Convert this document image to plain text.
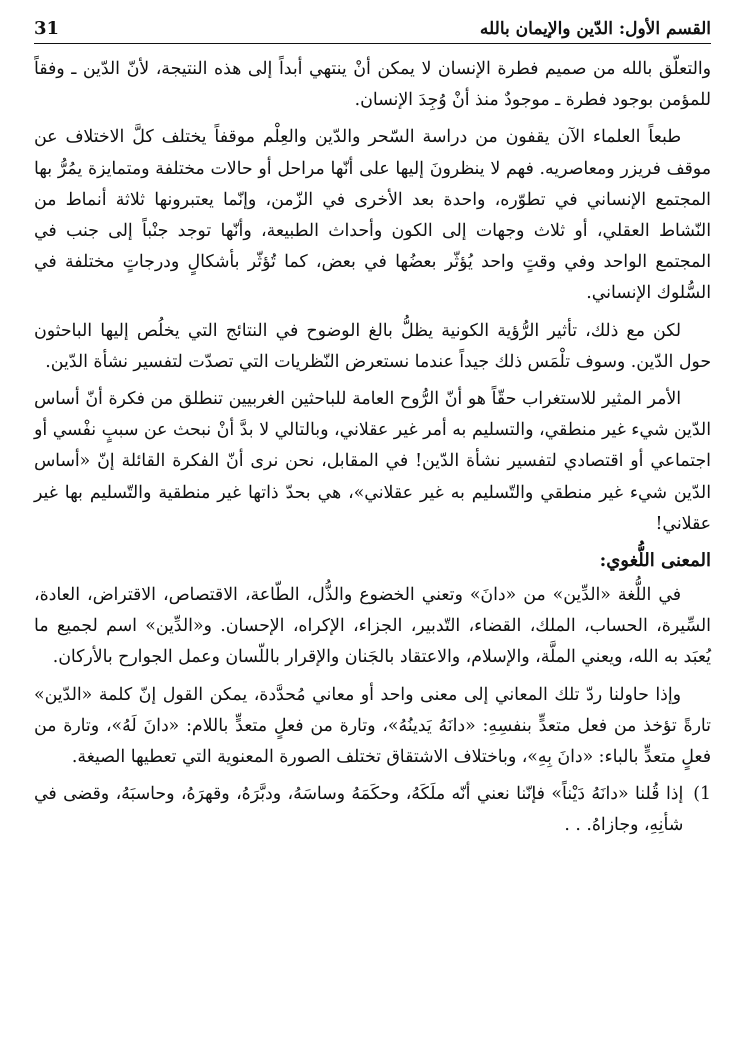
القسم الأول: الدّين والإيمان بالله
31

والتعلّق بالله من صميم فطرة الإنسان لا يمكن أنْ ينتهي أبداً إلى هذه النتيجة، لأنّ الدّين ـ وفقاً للمؤمن بوجود فطرة ـ موجودٌ منذ أنْ وُجِدَ الإنسان.

طبعاً العلماء الآن يقفون من دراسة السّحر والدّين والعِلْم موقفاً يختلف كلَّ الاختلاف عن موقف فريزر ومعاصريه. فهم لا ينظرونَ إليها على أنّها مراحل أو حالات مختلفة ومتمايزة يمُرُّ بها المجتمع الإنساني في تطوّره، واحدة بعد الأخرى في الزّمن، وإنّما يعتبرونها ثلاثة أنماط من النّشاط العقلي، أو ثلاث وجهات إلى الكون وأحداث الطبيعة، وأنّها توجد جنْباً إلى جنب في المجتمع الواحد وفي وقتٍ واحد يُؤثّر بعضُها في بعض، كما تُؤثّر بأشكالٍ ودرجاتٍ مختلفة في السُّلوك الإنساني.

لكن مع ذلك، تأثير الرُّؤية الكونية يظلُّ بالغ الوضوح في النتائج التي يخلُص إليها الباحثون حول الدّين. وسوف تلْمَس ذلك جيداً عندما نستعرض النّظريات التي تصدّت لتفسير نشأة الدّين.

الأمر المثير للاستغراب حقّاً هو أنّ الرُّوح العامة للباحثين الغربيين تنطلق من فكرة أنّ أساس الدّين شيء غير منطقي، والتسليم به أمر غير عقلاني، وبالتالي لا بدَّ أنْ نبحث عن سببٍ نفْسي أو اجتماعي أو اقتصادي لتفسير نشأة الدّين! في المقابل، نحن نرى أنّ الفكرة القائلة إنّ «أساس الدّين شيء غير منطقي والتّسليم به غير عقلاني»، هي بحدّ ذاتها غير منطقية والتّسليم بها غير عقلاني!

المعنى اللُّغوي:

في اللُّغة «الدِّين» من «دانَ» وتعني الخضوع والذُّل، الطّاعة، الاقتصاص، الاقتراض، العادة، السِّيرة، الحساب، الملك، القضاء، التّدبير، الجزاء، الإكراه، الإحسان. و«الدِّين» اسم لجميع ما يُعبَد به الله، ويعني الملَّة، والإسلام، والاعتقاد بالجَنان والإقرار باللّسان وعمل الجوارح بالأركان.

وإذا حاولنا ردّ تلك المعاني إلى معنى واحد أو معاني مُحدَّدة، يمكن القول إنّ كلمة «الدّين» تارةً تؤخذ من فعل متعدٍّ بنفسِهِ: «دانَهُ يَدينُهُ»، وتارة من فعلٍ متعدٍّ باللام: «دانَ لَهُ»، وتارة من فعلٍ متعدٍّ بالباء: «دانَ بِهِ»، وباختلاف الاشتقاق تختلف الصورة المعنوية التي تعطيها الصيغة.

1)
إذا قُلنا «دانَهُ دَيْناً» فإنّنا نعني أنّه ملَكَهُ، وحكَمَهُ وساسَهُ، ودبَّرَهُ، وقهرَهُ، وحاسبَهُ، وقضى في شأنِهِ، وجازاهُ. . .
